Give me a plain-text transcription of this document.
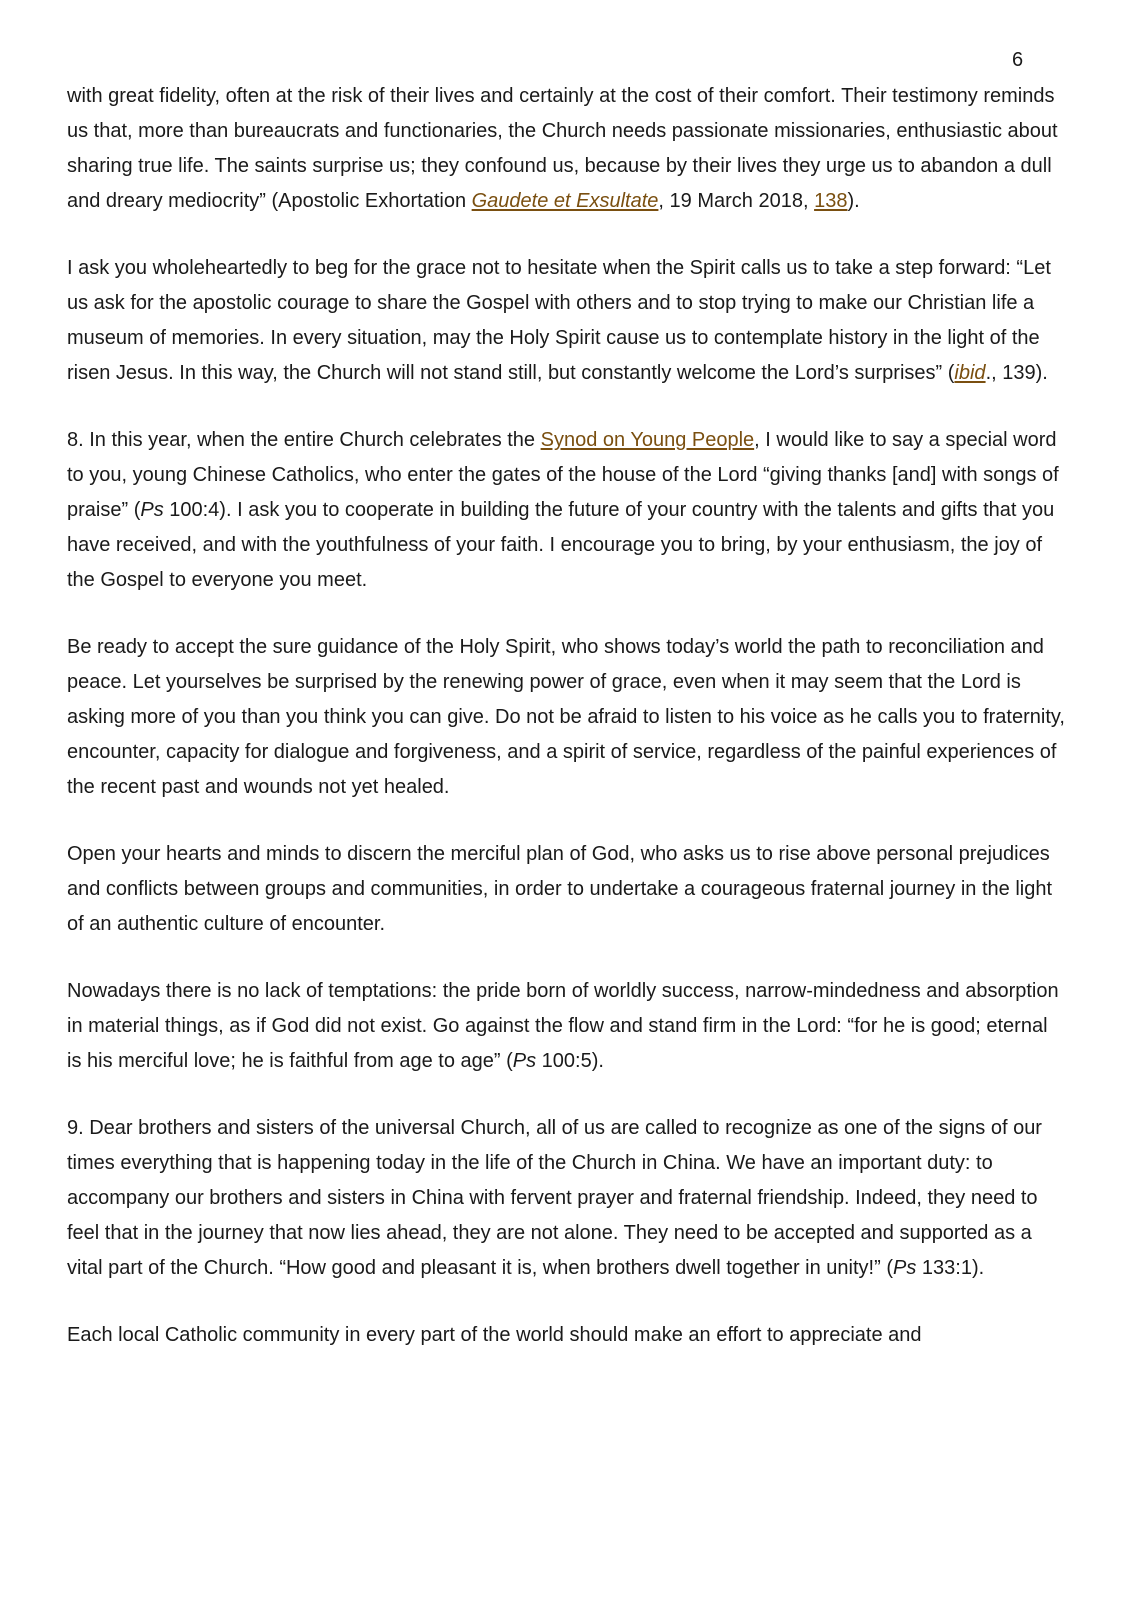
6

with great fidelity, often at the risk of their lives and certainly at the cost of their comfort. Their testimony reminds us that, more than bureaucrats and functionaries, the Church needs passionate missionaries, enthusiastic about sharing true life. The saints surprise us; they confound us, because by their lives they urge us to abandon a dull and dreary mediocrity” (Apostolic Exhortation Gaudete et Exsultate, 19 March 2018, 138).

I ask you wholeheartedly to beg for the grace not to hesitate when the Spirit calls us to take a step forward: “Let us ask for the apostolic courage to share the Gospel with others and to stop trying to make our Christian life a museum of memories. In every situation, may the Holy Spirit cause us to contemplate history in the light of the risen Jesus. In this way, the Church will not stand still, but constantly welcome the Lord’s surprises” (ibid., 139).

8. In this year, when the entire Church celebrates the Synod on Young People, I would like to say a special word to you, young Chinese Catholics, who enter the gates of the house of the Lord “giving thanks [and] with songs of praise” (Ps 100:4). I ask you to cooperate in building the future of your country with the talents and gifts that you have received, and with the youthfulness of your faith. I encourage you to bring, by your enthusiasm, the joy of the Gospel to everyone you meet.

Be ready to accept the sure guidance of the Holy Spirit, who shows today’s world the path to reconciliation and peace. Let yourselves be surprised by the renewing power of grace, even when it may seem that the Lord is asking more of you than you think you can give. Do not be afraid to listen to his voice as he calls you to fraternity, encounter, capacity for dialogue and forgiveness, and a spirit of service, regardless of the painful experiences of the recent past and wounds not yet healed.

Open your hearts and minds to discern the merciful plan of God, who asks us to rise above personal prejudices and conflicts between groups and communities, in order to undertake a courageous fraternal journey in the light of an authentic culture of encounter.

Nowadays there is no lack of temptations: the pride born of worldly success, narrow-mindedness and absorption in material things, as if God did not exist. Go against the flow and stand firm in the Lord: “for he is good; eternal is his merciful love; he is faithful from age to age” (Ps 100:5).

9. Dear brothers and sisters of the universal Church, all of us are called to recognize as one of the signs of our times everything that is happening today in the life of the Church in China. We have an important duty: to accompany our brothers and sisters in China with fervent prayer and fraternal friendship. Indeed, they need to feel that in the journey that now lies ahead, they are not alone. They need to be accepted and supported as a vital part of the Church. “How good and pleasant it is, when brothers dwell together in unity!” (Ps 133:1).

Each local Catholic community in every part of the world should make an effort to appreciate and
